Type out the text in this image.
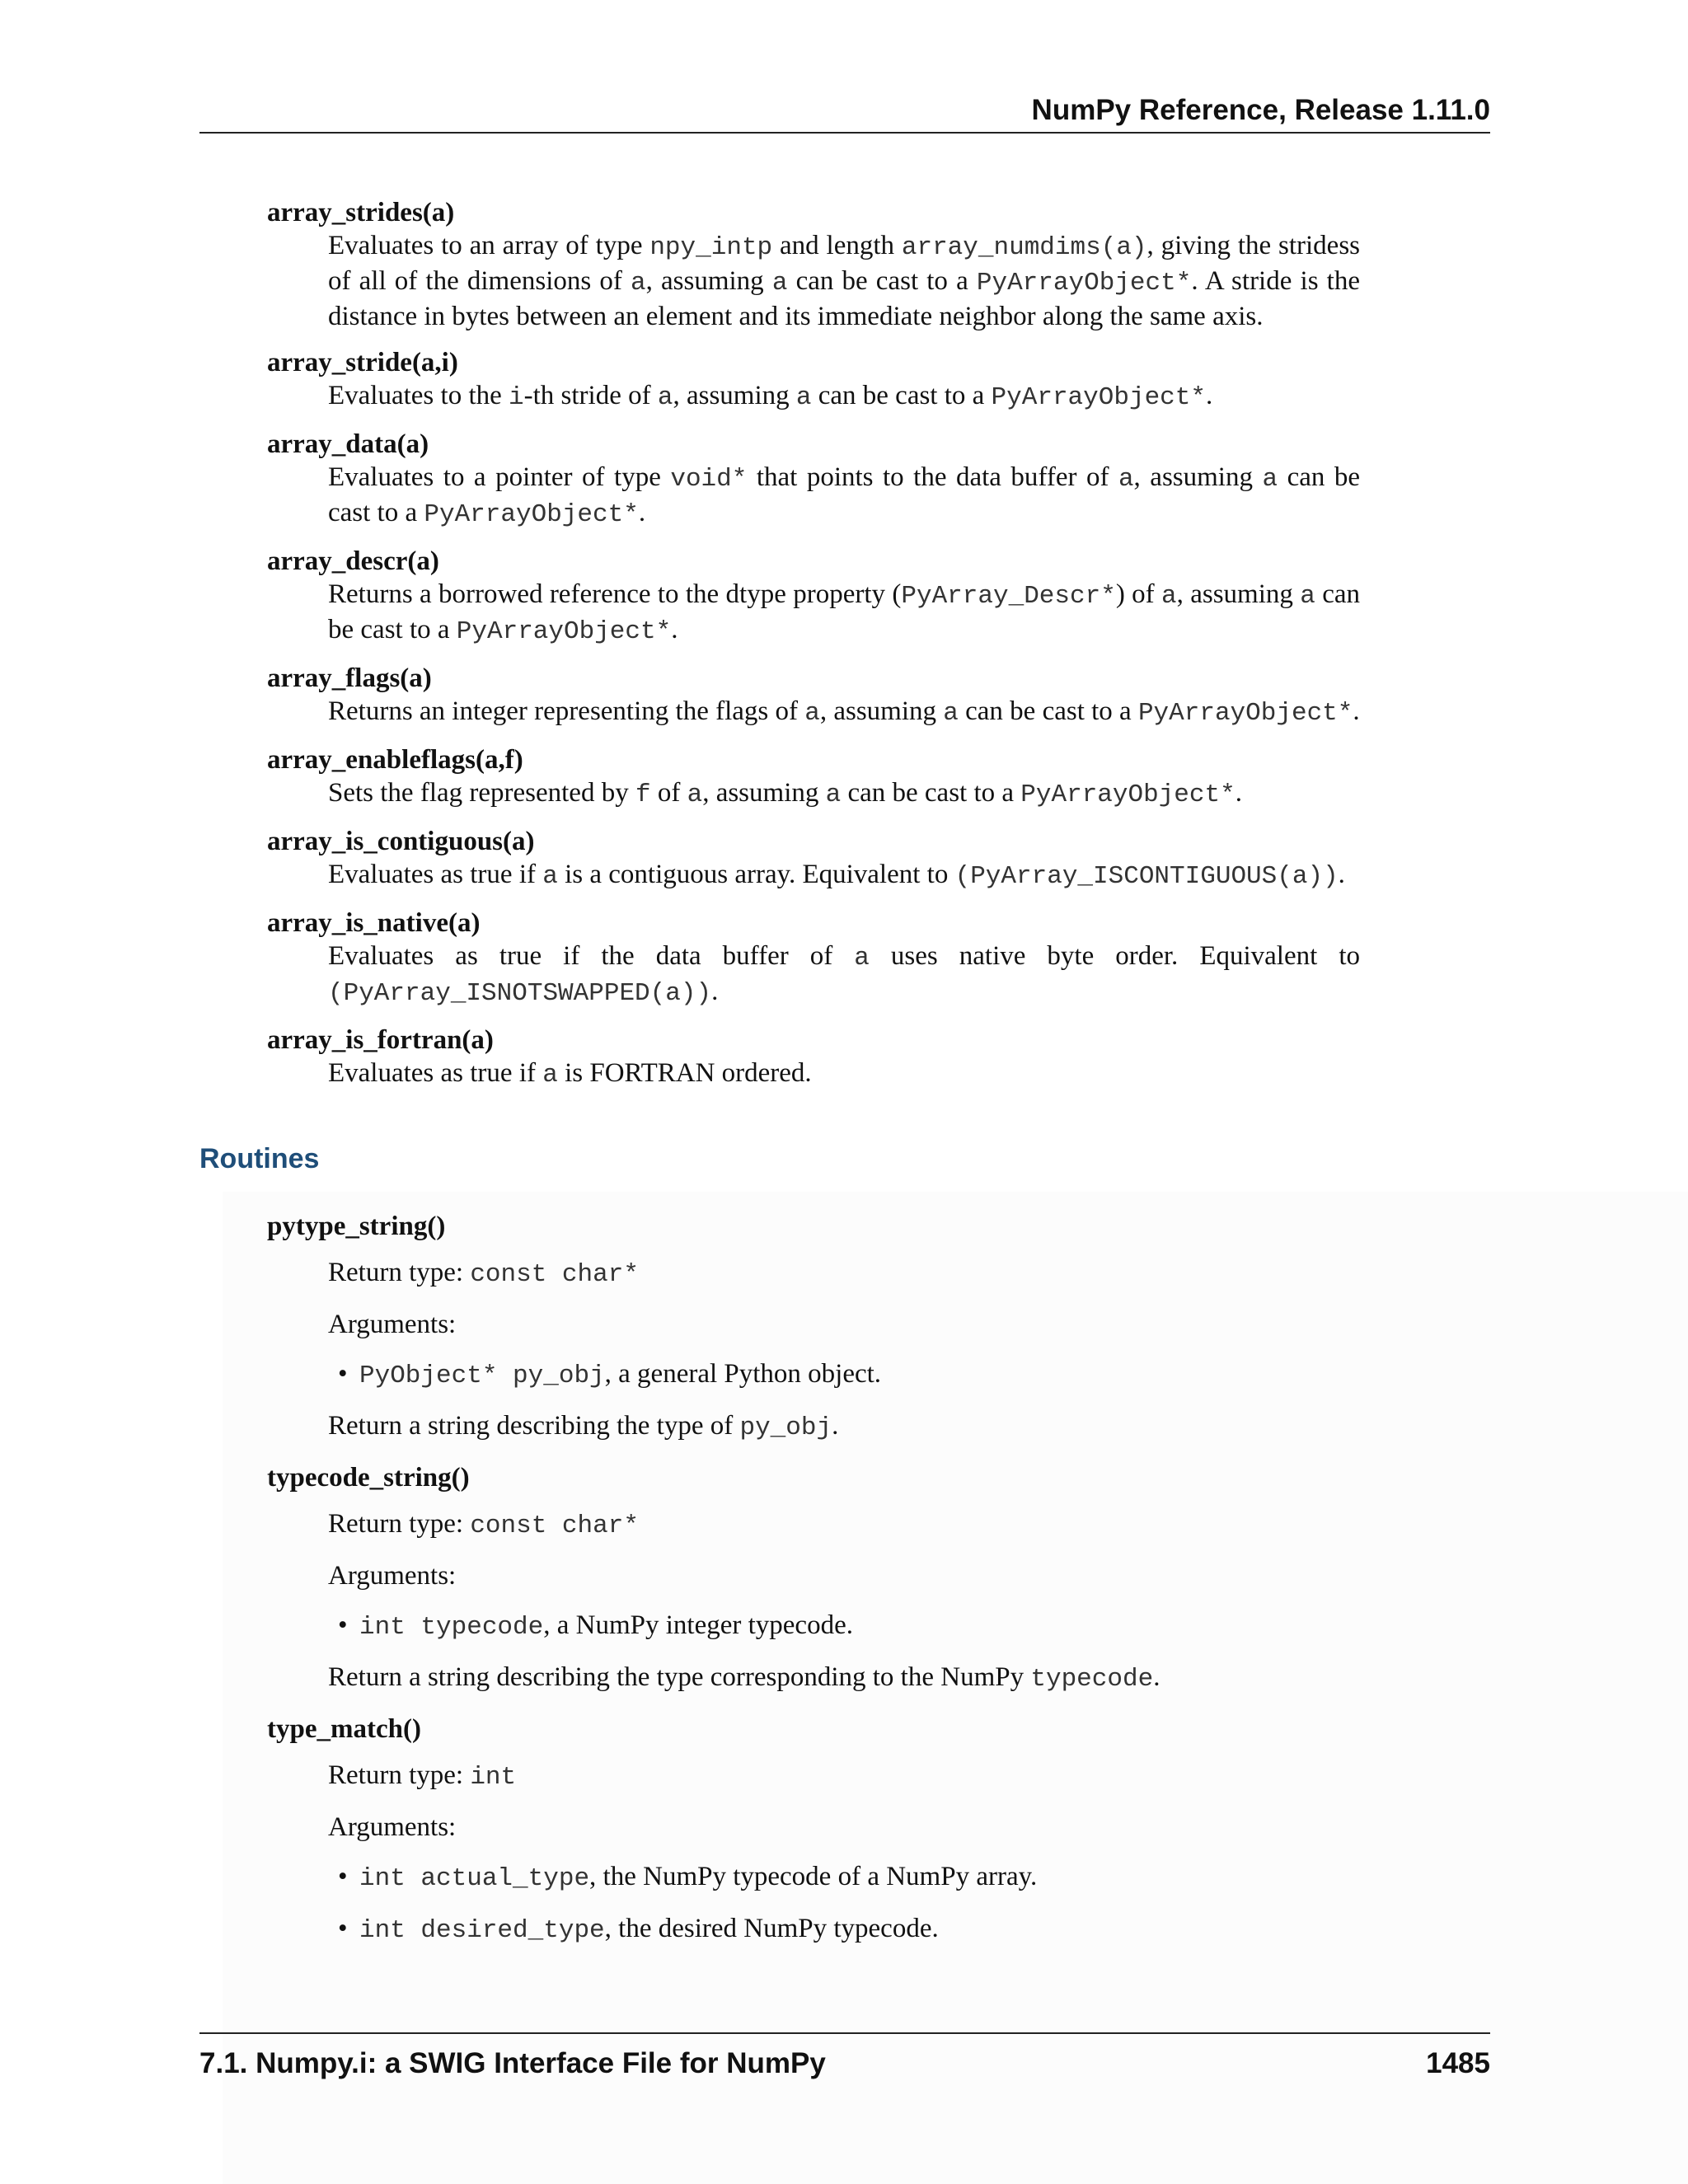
NumPy Reference, Release 1.11.0
array_strides(a)
Evaluates to an array of type npy_intp and length array_numdims(a), giving the stridess of all of the dimensions of a, assuming a can be cast to a PyArrayObject*. A stride is the distance in bytes between an element and its immediate neighbor along the same axis.
array_stride(a,i)
Evaluates to the i-th stride of a, assuming a can be cast to a PyArrayObject*.
array_data(a)
Evaluates to a pointer of type void* that points to the data buffer of a, assuming a can be cast to a PyArrayObject*.
array_descr(a)
Returns a borrowed reference to the dtype property (PyArray_Descr*) of a, assuming a can be cast to a PyArrayObject*.
array_flags(a)
Returns an integer representing the flags of a, assuming a can be cast to a PyArrayObject*.
array_enableflags(a,f)
Sets the flag represented by f of a, assuming a can be cast to a PyArrayObject*.
array_is_contiguous(a)
Evaluates as true if a is a contiguous array. Equivalent to (PyArray_ISCONTIGUOUS(a)).
array_is_native(a)
Evaluates as true if the data buffer of a uses native byte order. Equivalent to (PyArray_ISNOTSWAPPED(a)).
array_is_fortran(a)
Evaluates as true if a is FORTRAN ordered.
Routines
pytype_string()
Return type: const char*
Arguments:
• PyObject* py_obj, a general Python object.
Return a string describing the type of py_obj.
typecode_string()
Return type: const char*
Arguments:
• int typecode, a NumPy integer typecode.
Return a string describing the type corresponding to the NumPy typecode.
type_match()
Return type: int
Arguments:
• int actual_type, the NumPy typecode of a NumPy array.
• int desired_type, the desired NumPy typecode.
7.1. Numpy.i: a SWIG Interface File for NumPy	1485
